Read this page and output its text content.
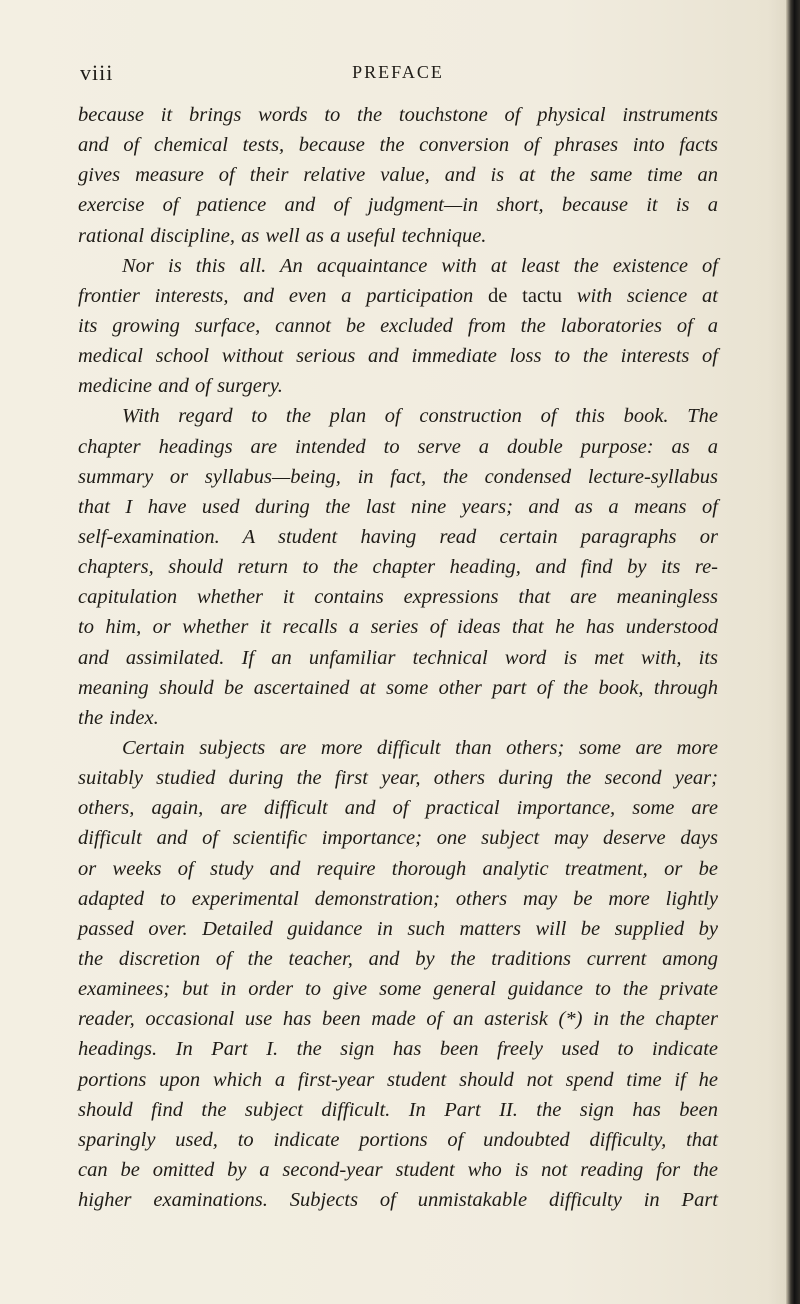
viii	PREFACE
because it brings words to the touchstone of physical instruments
and of chemical tests, because the conversion of phrases into facts
gives measure of their relative value, and is at the same time an
exercise of patience and of judgment—in short, because it is a
rational discipline, as well as a useful technique.
Nor is this all. An acquaintance with at least the existence of
frontier interests, and even a participation de tactu with science at
its growing surface, cannot be excluded from the laboratories of a
medical school without serious and immediate loss to the interests of
medicine and of surgery.
With regard to the plan of construction of this book. The
chapter headings are intended to serve a double purpose: as a
summary or syllabus—being, in fact, the condensed lecture-syllabus
that I have used during the last nine years; and as a means of
self-examination. A student having read certain paragraphs or
chapters, should return to the chapter heading, and find by its re-
capitulation whether it contains expressions that are meaningless
to him, or whether it recalls a series of ideas that he has understood
and assimilated. If an unfamiliar technical word is met with, its
meaning should be ascertained at some other part of the book, through
the index.
Certain subjects are more difficult than others; some are more
suitably studied during the first year, others during the second year;
others, again, are difficult and of practical importance, some are
difficult and of scientific importance; one subject may deserve days
or weeks of study and require thorough analytic treatment, or be
adapted to experimental demonstration; others may be more lightly
passed over. Detailed guidance in such matters will be supplied by
the discretion of the teacher, and by the traditions current among
examinees; but in order to give some general guidance to the private
reader, occasional use has been made of an asterisk (*) in the chapter
headings. In Part I. the sign has been freely used to indicate
portions upon which a first-year student should not spend time if he
should find the subject difficult. In Part II. the sign has been
sparingly used, to indicate portions of undoubted difficulty, that
can be omitted by a second-year student who is not reading for the
higher examinations. Subjects of unmistakable difficulty in Part
